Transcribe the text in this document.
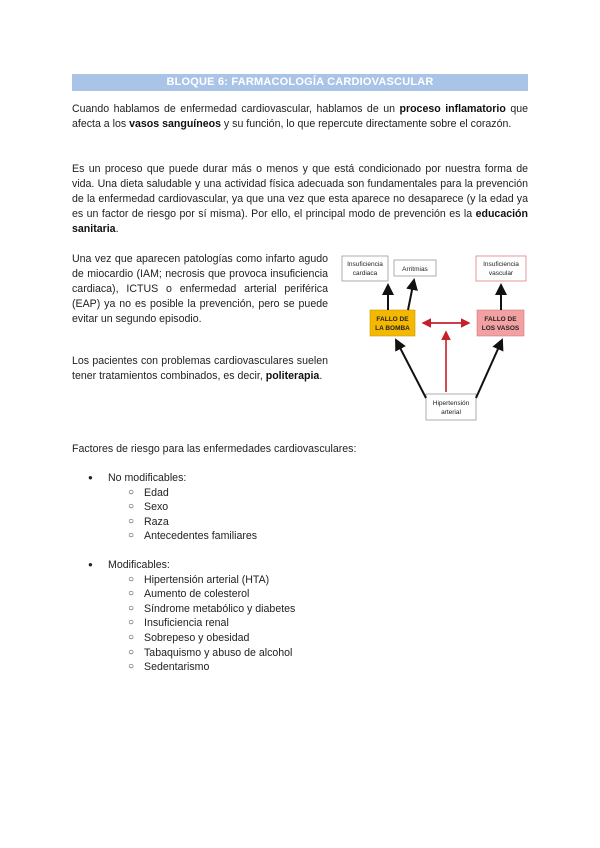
BLOQUE 6: FARMACOLOGÍA CARDIOVASCULAR

Cuando hablamos de enfermedad cardiovascular, hablamos de un proceso inflamatorio que afecta a los vasos sanguíneos y su función, lo que repercute directamente sobre el corazón.

Es un proceso que puede durar más o menos y que está condicionado por nuestra forma de vida. Una dieta saludable y una actividad física adecuada son fundamentales para la prevención de la enfermedad cardiovascular, ya que una vez que esta aparece no desaparece (y la edad ya es un factor de riesgo por sí misma). Por ello, el principal modo de prevención es la educación sanitaria.

Una vez que aparecen patologías como infarto agudo de miocardio (IAM; necrosis que provoca insuficiencia cardiaca), ICTUS o enfermedad arterial periférica (EAP) ya no es posible la prevención, pero se puede evitar un segundo episodio.

Los pacientes con problemas cardiovasculares suelen tener tratamientos combinados, es decir, politerapia.

Insuficiencia
cardiaca
Arritmias
Insuficiencia
vascular
FALLO DE
LA BOMBA
FALLO DE
LOS VASOS
Hipertensión
arterial

Factores de riesgo para las enfermedades cardiovasculares:

● No modificables:
○ Edad
○ Sexo
○ Raza
○ Antecedentes familiares
● Modificables:
○ Hipertensión arterial (HTA)
○ Aumento de colesterol
○ Síndrome metabólico y diabetes
○ Insuficiencia renal
○ Sobrepeso y obesidad
○ Tabaquismo y abuso de alcohol
○ Sedentarismo
